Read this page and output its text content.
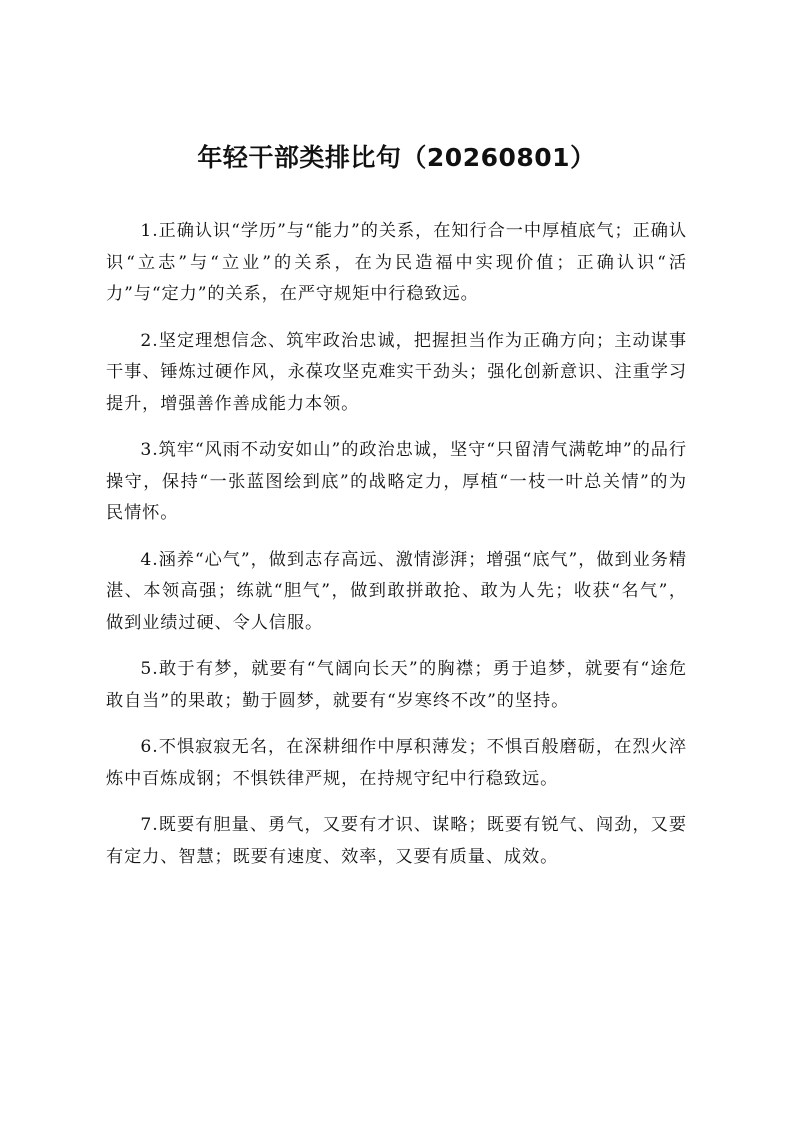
年轻干部类排比句（20260801）

1.正确认识“学历”与“能力”的关系，在知行合一中厚植底气；正确认识“立志”与“立业”的关系，在为民造福中实现价值；正确认识“活力”与“定力”的关系，在严守规矩中行稳致远。

2.坚定理想信念、筑牢政治忠诚，把握担当作为正确方向；主动谋事干事、锤炼过硬作风，永葆攻坚克难实干劲头；强化创新意识、注重学习提升，增强善作善成能力本领。

3.筑牢“风雨不动安如山”的政治忠诚，坚守“只留清气满乾坤”的品行操守，保持“一张蓝图绘到底”的战略定力，厚植“一枝一叶总关情”的为民情怀。

4.涵养“心气”，做到志存高远、激情澎湃；增强“底气”，做到业务精湛、本领高强；练就“胆气”，做到敢拼敢抢、敢为人先；收获“名气”，做到业绩过硬、令人信服。

5.敢于有梦，就要有“气阔向长天”的胸襟；勇于追梦，就要有“途危敢自当”的果敢；勤于圆梦，就要有“岁寒终不改”的坚持。

6.不惧寂寂无名，在深耕细作中厚积薄发；不惧百般磨砺，在烈火淬炼中百炼成钢；不惧铁律严规，在持规守纪中行稳致远。

7.既要有胆量、勇气，又要有才识、谋略；既要有锐气、闯劲，又要有定力、智慧；既要有速度、效率，又要有质量、成效。
